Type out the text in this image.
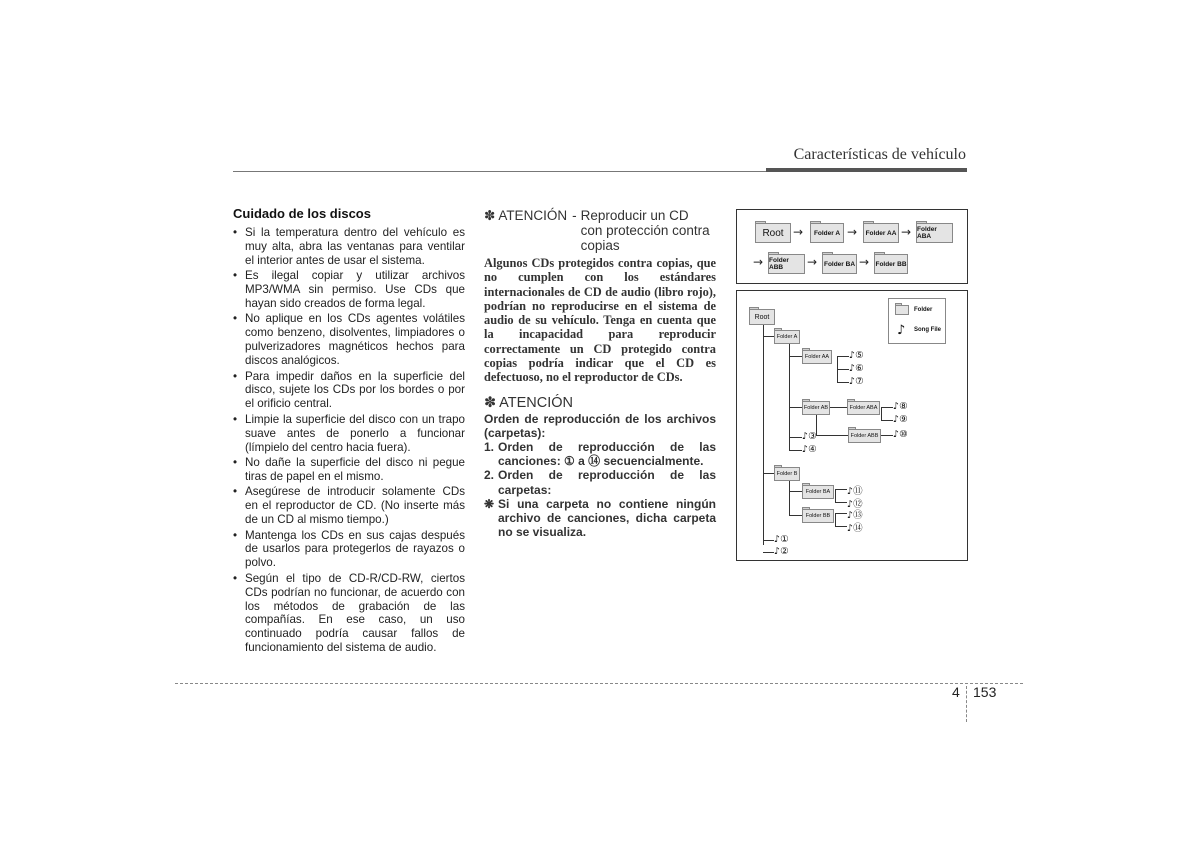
Características de vehículo
Cuidado de los discos
• Si la temperatura dentro del vehículo es muy alta, abra las ventanas para ventilar el interior antes de usar el sistema.
• Es ilegal copiar y utilizar archivos MP3/WMA sin permiso. Use CDs que hayan sido creados de forma legal.
• No aplique en los CDs agentes volátiles como benzeno, disolventes, limpiadores o pulverizadores magnéticos hechos para discos analógicos.
• Para impedir daños en la superficie del disco, sujete los CDs por los bordes o por el orificio central.
• Limpie la superficie del disco con un trapo suave antes de ponerlo a funcionar (límpielo del centro hacia fuera).
• No dañe la superficie del disco ni pegue tiras de papel en el mismo.
• Asegúrese de introducir solamente CDs en el reproductor de CD. (No inserte más de un CD al mismo tiempo.)
• Mantenga los CDs en sus cajas después de usarlos para protegerlos de rayazos o polvo.
• Según el tipo de CD-R/CD-RW, ciertos CDs podrían no funcionar, de acuerdo con los métodos de grabación de las compañías. En ese caso, un uso continuado podría causar fallos de funcionamiento del sistema de audio.
✽ ATENCIÓN - Reproducir un CD con protección contra copias
Algunos CDs protegidos contra copias, que no cumplen con los estándares internacionales de CD de audio (libro rojo), podrían no reproducirse en el sistema de audio de su vehículo. Tenga en cuenta que la incapacidad para reproducir correctamente un CD protegido contra copias podría indicar que el CD es defectuoso, no el reproductor de CDs.
✽ ATENCIÓN
Orden de reproducción de los archivos (carpetas):
1. Orden de reproducción de las canciones: ① a ⑭ secuencialmente.
2. Orden de reproducción de las carpetas:
❋ Si una carpeta no contiene ningún archivo de canciones, dicha carpeta no se visualiza.
Root →	Folder A →	Folder AA → Folder ABA
→ Folder ABB	→	Folder BA → Folder BB
Folder
♪ Song File
Root
Folder A
Folder AA
Folder AB	Folder ABA
Folder ABB
Folder B
Folder BA
Folder BB
♪⑤
♪⑥
♪⑦
♪⑧
♪⑨
♪⑩
♪③
♪④
♪⑪
♪⑫
♪⑬
♪⑭
♪①
♪②
4 153
